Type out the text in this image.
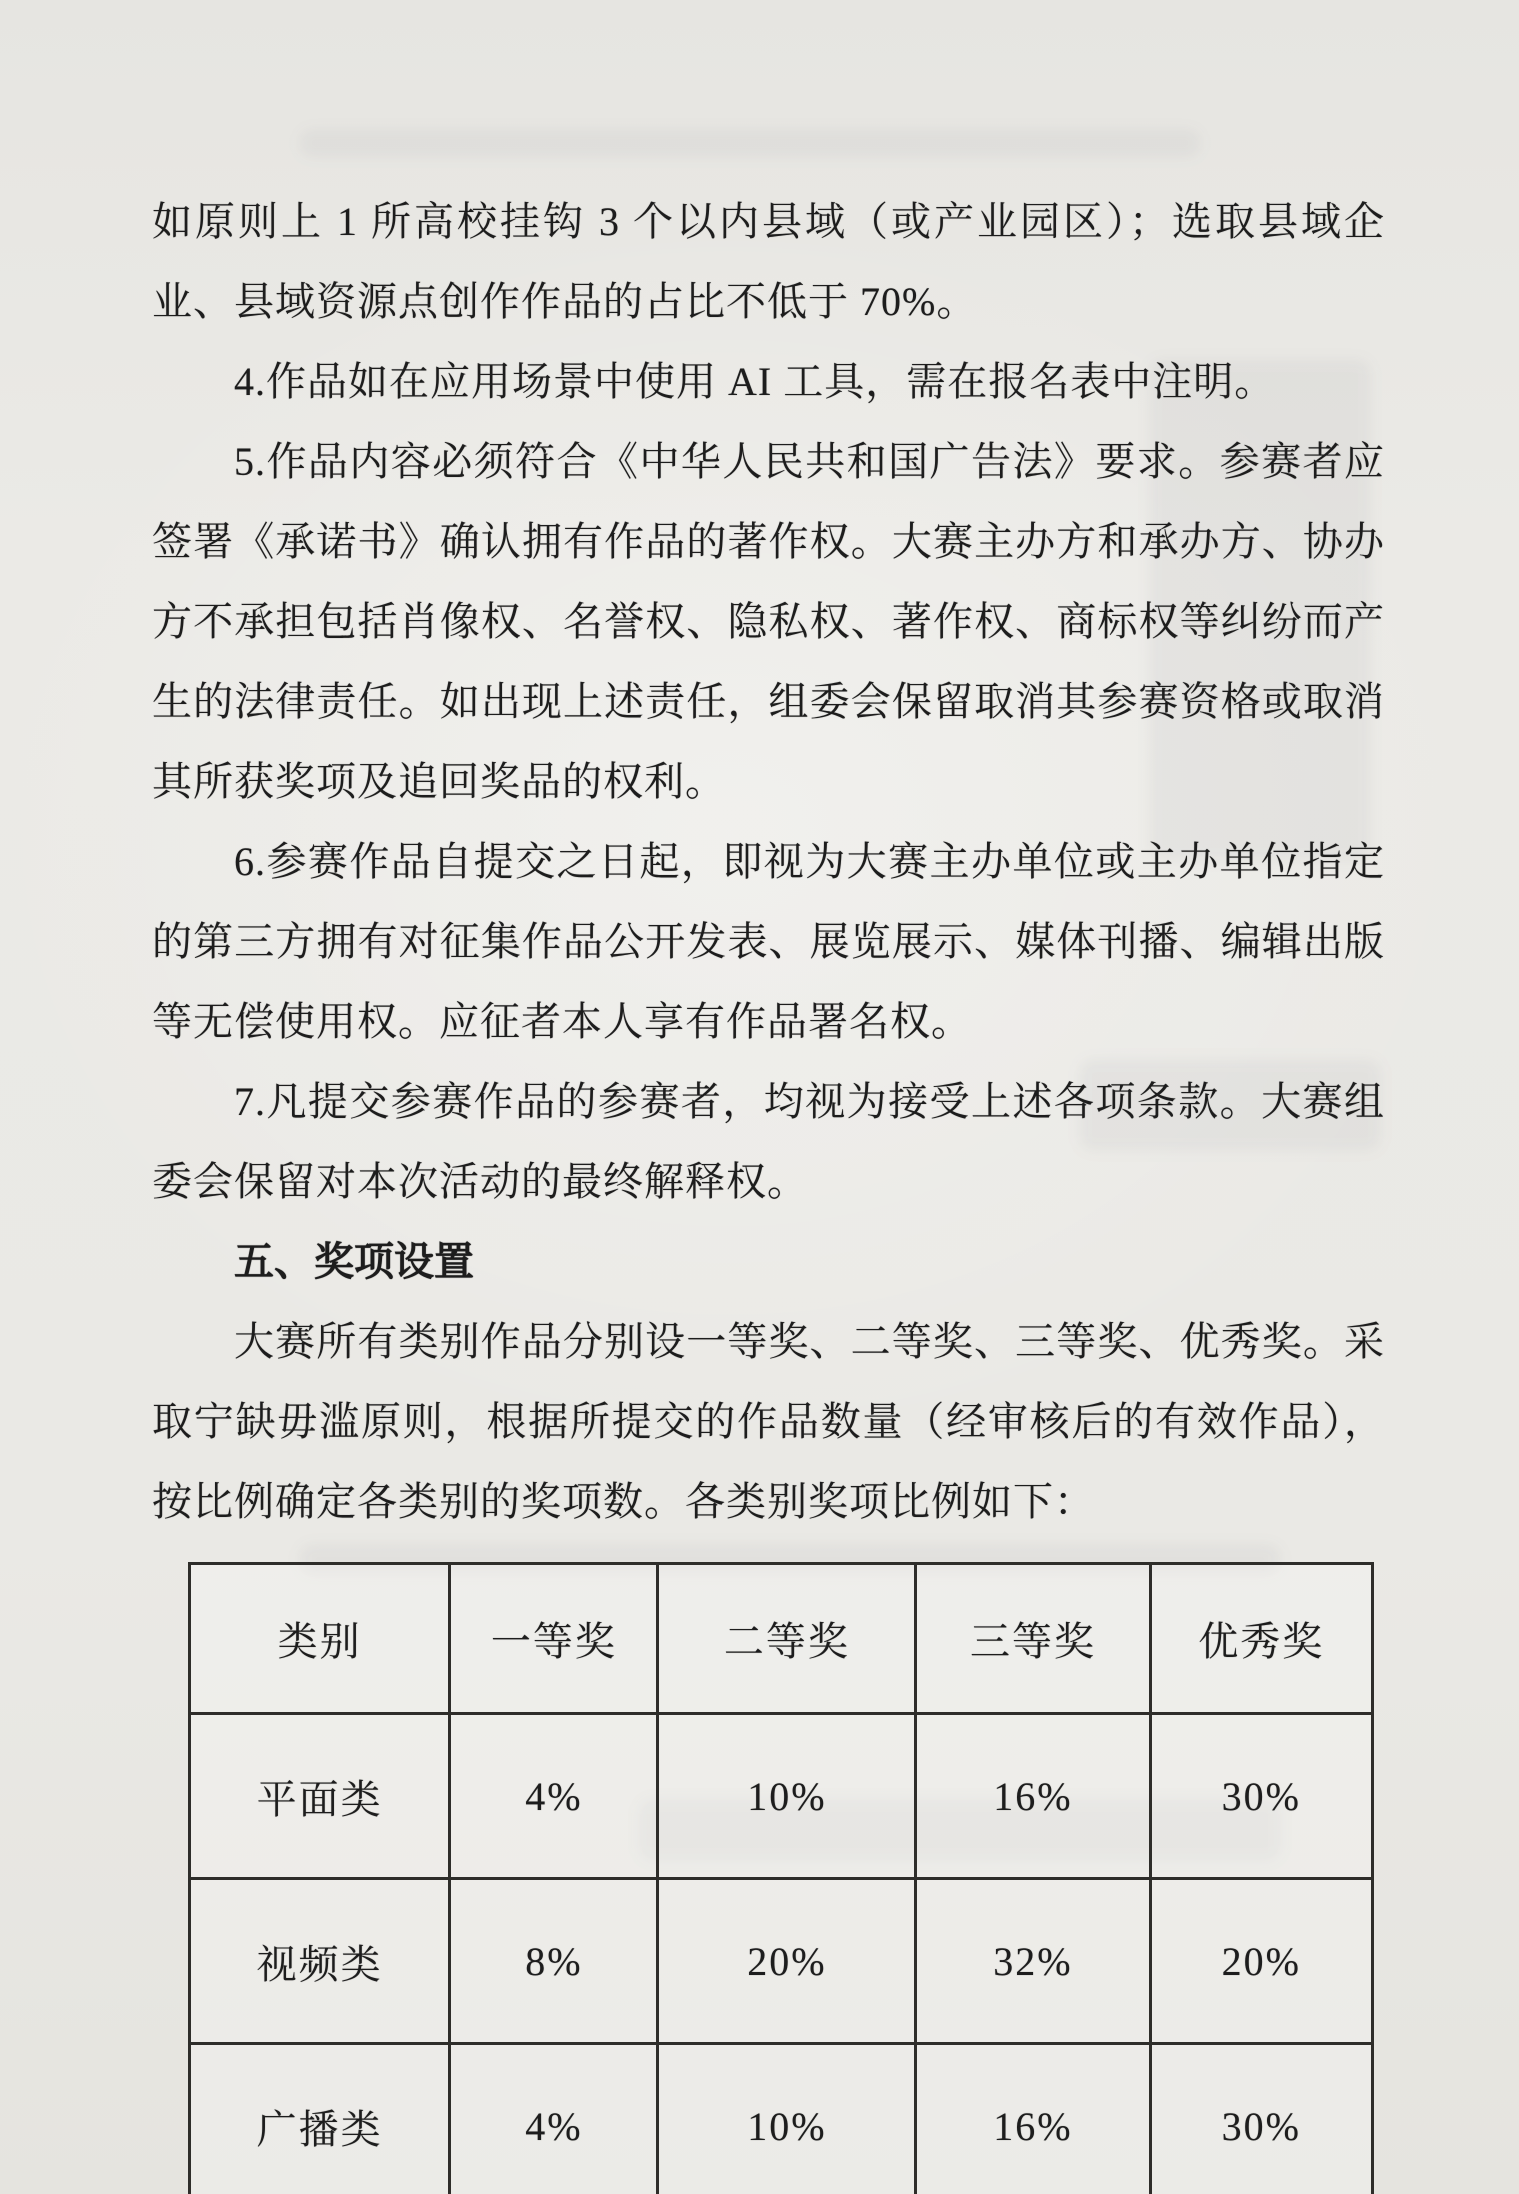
如原则上 1 所高校挂钩 3 个以内县域（或产业园区）；选取县域企业、县域资源点创作作品的占比不低于 70%。

4.作品如在应用场景中使用 AI 工具，需在报名表中注明。

5.作品内容必须符合《中华人民共和国广告法》要求。参赛者应签署《承诺书》确认拥有作品的著作权。大赛主办方和承办方、协办方不承担包括肖像权、名誉权、隐私权、著作权、商标权等纠纷而产生的法律责任。如出现上述责任，组委会保留取消其参赛资格或取消其所获奖项及追回奖品的权利。

6.参赛作品自提交之日起，即视为大赛主办单位或主办单位指定的第三方拥有对征集作品公开发表、展览展示、媒体刊播、编辑出版等无偿使用权。应征者本人享有作品署名权。

7.凡提交参赛作品的参赛者，均视为接受上述各项条款。大赛组委会保留对本次活动的最终解释权。

五、奖项设置

大赛所有类别作品分别设一等奖、二等奖、三等奖、优秀奖。采取宁缺毋滥原则，根据所提交的作品数量（经审核后的有效作品），按比例确定各类别的奖项数。各类别奖项比例如下：

类别	一等奖	二等奖	三等奖	优秀奖
平面类	4%	10%	16%	30%
视频类	8%	20%	32%	20%
广播类	4%	10%	16%	30%
